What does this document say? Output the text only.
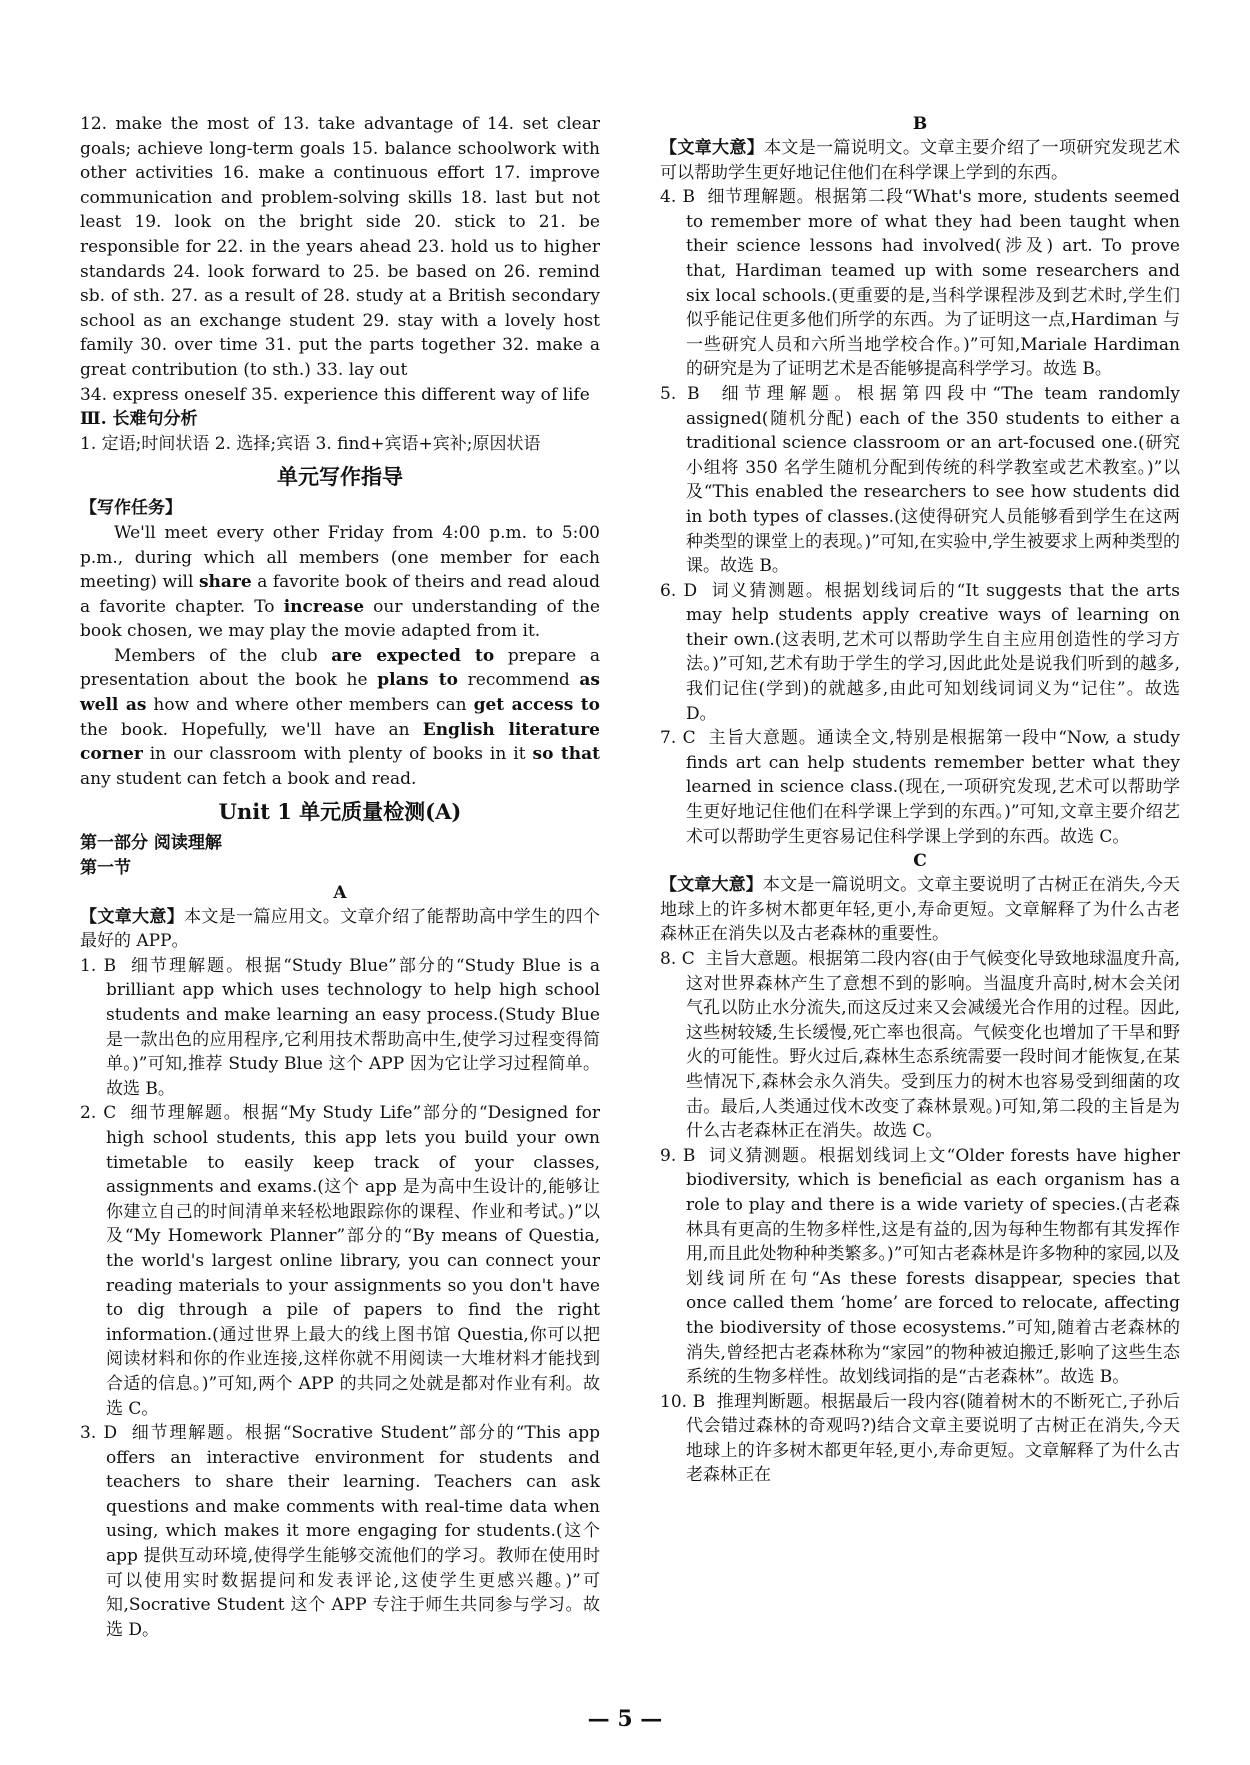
12. make the most of 13. take advantage of 14. set clear goals; achieve long-term goals 15. balance schoolwork with other activities 16. make a continuous effort 17. improve communication and problem-solving skills 18. last but not least 19. look on the bright side 20. stick to 21. be responsible for 22. in the years ahead 23. hold us to higher standards 24. look forward to 25. be based on 26. remind sb. of sth. 27. as a result of 28. study at a British secondary school as an exchange student 29. stay with a lovely host family 30. over time 31. put the parts together 32. make a great contribution (to sth.) 33. lay out

34. express oneself 35. experience this different way of life

Ⅲ. 长难句分析

1. 定语;时间状语 2. 选择;宾语 3. find+宾语+宾补;原因状语

单元写作指导

【写作任务】

We'll meet every other Friday from 4:00 p.m. to 5:00 p.m., during which all members (one member for each meeting) will share a favorite book of theirs and read aloud a favorite chapter. To increase our understanding of the book chosen, we may play the movie adapted from it.

Members of the club are expected to prepare a presentation about the book he plans to recommend as well as how and where other members can get access to the book. Hopefully, we'll have an English literature corner in our classroom with plenty of books in it so that any student can fetch a book and read.

Unit 1 单元质量检测(A)

第一部分 阅读理解

第一节

A

【文章大意】本文是一篇应用文。文章介绍了能帮助高中学生的四个最好的 APP。

1. B 细节理解题。根据“Study Blue”部分的“Study Blue is a brilliant app which uses technology to help high school students and make learning an easy process.(Study Blue 是一款出色的应用程序,它利用技术帮助高中生,使学习过程变得简单。)”可知,推荐 Study Blue 这个 APP 因为它让学习过程简单。故选 B。

2. C 细节理解题。根据“My Study Life”部分的“Designed for high school students, this app lets you build your own timetable to easily keep track of your classes, assignments and exams.(这个 app 是为高中生设计的,能够让你建立自己的时间清单来轻松地跟踪你的课程、作业和考试。)”以及“My Homework Planner”部分的“By means of Questia, the world's largest online library, you can connect your reading materials to your assignments so you don't have to dig through a pile of papers to find the right information.(通过世界上最大的线上图书馆 Questia,你可以把阅读材料和你的作业连接,这样你就不用阅读一大堆材料才能找到合适的信息。)”可知,两个 APP 的共同之处就是都对作业有利。故选 C。

3. D 细节理解题。根据“Socrative Student”部分的“This app offers an interactive environment for students and teachers to share their learning. Teachers can ask questions and make comments with real-time data when using, which makes it more engaging for students.(这个 app 提供互动环境,使得学生能够交流他们的学习。教师在使用时可以使用实时数据提问和发表评论,这使学生更感兴趣。)”可知,Socrative Student 这个 APP 专注于师生共同参与学习。故选 D。

B

【文章大意】本文是一篇说明文。文章主要介绍了一项研究发现艺术可以帮助学生更好地记住他们在科学课上学到的东西。

4. B 细节理解题。根据第二段“What's more, students seemed to remember more of what they had been taught when their science lessons had involved(涉及) art. To prove that, Hardiman teamed up with some researchers and six local schools.(更重要的是,当科学课程涉及到艺术时,学生们似乎能记住更多他们所学的东西。为了证明这一点,Hardiman 与一些研究人员和六所当地学校合作。)”可知,Mariale Hardiman 的研究是为了证明艺术是否能够提高科学学习。故选 B。

5. B 细节理解题。根据第四段中“The team randomly assigned(随机分配) each of the 350 students to either a traditional science classroom or an art-focused one.(研究小组将 350 名学生随机分配到传统的科学教室或艺术教室。)”以及“This enabled the researchers to see how students did in both types of classes.(这使得研究人员能够看到学生在这两种类型的课堂上的表现。)”可知,在实验中,学生被要求上两种类型的课。故选 B。

6. D 词义猜测题。根据划线词后的“It suggests that the arts may help students apply creative ways of learning on their own.(这表明,艺术可以帮助学生自主应用创造性的学习方法。)”可知,艺术有助于学生的学习,因此此处是说我们听到的越多,我们记住(学到)的就越多,由此可知划线词词义为“记住”。故选 D。

7. C 主旨大意题。通读全文,特别是根据第一段中“Now, a study finds art can help students remember better what they learned in science class.(现在,一项研究发现,艺术可以帮助学生更好地记住他们在科学课上学到的东西。)”可知,文章主要介绍艺术可以帮助学生更容易记住科学课上学到的东西。故选 C。

C

【文章大意】本文是一篇说明文。文章主要说明了古树正在消失,今天地球上的许多树木都更年轻,更小,寿命更短。文章解释了为什么古老森林正在消失以及古老森林的重要性。

8. C 主旨大意题。根据第二段内容(由于气候变化导致地球温度升高,这对世界森林产生了意想不到的影响。当温度升高时,树木会关闭气孔以防止水分流失,而这反过来又会减缓光合作用的过程。因此,这些树较矮,生长缓慢,死亡率也很高。气候变化也增加了干旱和野火的可能性。野火过后,森林生态系统需要一段时间才能恢复,在某些情况下,森林会永久消失。受到压力的树木也容易受到细菌的攻击。最后,人类通过伐木改变了森林景观。)可知,第二段的主旨是为什么古老森林正在消失。故选 C。

9. B 词义猜测题。根据划线词上文“Older forests have higher biodiversity, which is beneficial as each organism has a role to play and there is a wide variety of species.(古老森林具有更高的生物多样性,这是有益的,因为每种生物都有其发挥作用,而且此处物种种类繁多。)”可知古老森林是许多物种的家园,以及划线词所在句“As these forests disappear, species that once called them ‘home’ are forced to relocate, affecting the biodiversity of those ecosystems.”可知,随着古老森林的消失,曾经把古老森林称为“家园”的物种被迫搬迁,影响了这些生态系统的生物多样性。故划线词指的是“古老森林”。故选 B。

10. B 推理判断题。根据最后一段内容(随着树木的不断死亡,子孙后代会错过森林的奇观吗?)结合文章主要说明了古树正在消失,今天地球上的许多树木都更年轻,更小,寿命更短。文章解释了为什么古老森林正在

— 5 —
